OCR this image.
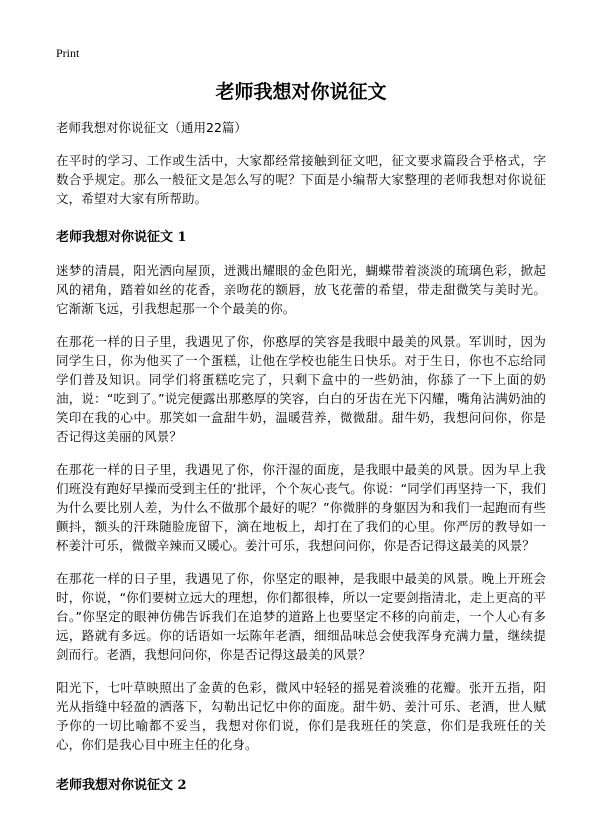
Print
老师我想对你说征文

老师我想对你说征文（通用22篇）

在平时的学习、工作或生活中，大家都经常接触到征文吧，征文要求篇段合乎格式，字数合乎规定。那么一般征文是怎么写的呢？下面是小编帮大家整理的老师我想对你说征文，希望对大家有所帮助。

老师我想对你说征文 1

迷梦的清晨，阳光洒向屋顶，迸溅出耀眼的金色阳光，蝴蝶带着淡淡的琉璃色彩，掀起风的裙角，踏着如丝的花香，亲吻花的额唇，放飞花蕾的希望，带走甜微笑与美时光。它渐渐飞远，引我想起那一个个最美的你。

在那花一样的日子里，我遇见了你，你憨厚的笑容是我眼中最美的风景。军训时，因为同学生日，你为他买了一个蛋糕，让他在学校也能生日快乐。对于生日，你也不忘给同学们普及知识。同学们将蛋糕吃完了，只剩下盒中的一些奶油，你舔了一下上面的奶油，说：“吃到了。”说完便露出那憨厚的笑容，白白的牙齿在光下闪耀，嘴角沾满奶油的笑印在我的心中。那笑如一盒甜牛奶，温暖营养，微微甜。甜牛奶，我想问问你，你是否记得这美丽的风景？

在那花一样的日子里，我遇见了你，你汗湿的面庞，是我眼中最美的风景。因为早上我们班没有跑好早操而受到主任的‘批评，个个灰心丧气。你说：“同学们再坚持一下，我们为什么要比别人差，为什么不做那个最好的呢？”你微胖的身躯因为和我们一起跑而有些颤抖，额头的汗珠随脸庞留下，滴在地板上，却打在了我们的心里。你严厉的教导如一杯姜汁可乐，微微辛辣而又暖心。姜汁可乐，我想问问你，你是否记得这最美的风景？

在那花一样的日子里，我遇见了你，你坚定的眼神，是我眼中最美的风景。晚上开班会时，你说，“你们要树立远大的理想，你们都很棒，所以一定要剑指清北，走上更高的平台。”你坚定的眼神仿佛告诉我们在追梦的道路上也要坚定不移的向前走，一个人心有多远，路就有多远。你的话语如一坛陈年老酒，细细品味总会使我浑身充满力量，继续提剑而行。老酒，我想问问你，你是否记得这最美的风景？

阳光下，七叶草映照出了金黄的色彩，微风中轻轻的摇晃着淡雅的花瓣。张开五指，阳光从指缝中轻盈的洒落下，勾勒出记忆中你的面庞。甜牛奶、姜汁可乐、老酒，世人赋予你的一切比喻都不妥当，我想对你们说，你们是我班任的笑意，你们是我班任的关心，你们是我心目中班主任的化身。

老师我想对你说征文 2
